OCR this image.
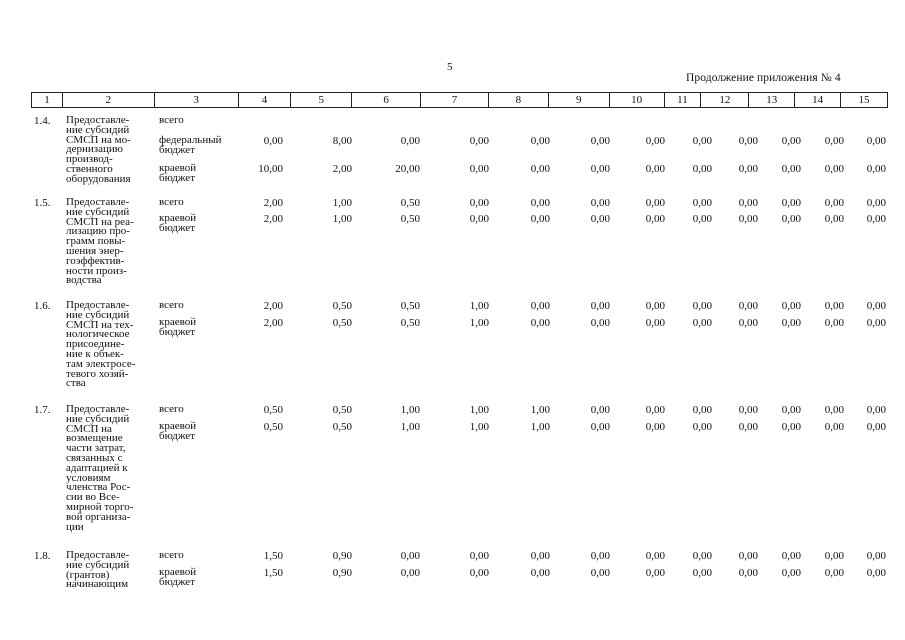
5
Продолжение приложения № 4
1	2	3	4	5	6	7	8	9	10	11	12	13	14	15
1.4. Предоставле-
ние субсидий
СМСП на мо-
дернизацию
производ-
ственного
оборудования
всего
федеральный
бюджет
0,00	8,00	0,00	0,00	0,00	0,00	0,00	0,00 0,00 0,00 0,00 0,00
краевой
бюджет
10,00	2,00	20,00	0,00	0,00	0,00	0,00	0,00 0,00 0,00 0,00 0,00
1.5. Предоставле-
ние субсидий
СМСП на реа-
лизацию про-
грамм повы-
шения энер-
гоэффектив-
ности произ-
водства
всего	2,00	1,00	0,50	0,00	0,00	0,00	0,00	0,00 0,00 0,00 0,00 0,00
краевой
бюджет
2,00	1,00	0,50	0,00	0,00	0,00	0,00	0,00 0,00 0,00 0,00 0,00
1.6. Предоставле-
ние субсидий
СМСП на тех-
нологическое
присоедине-
ние к объек-
там электросе-
тевого хозяй-
ства
всего	2,00	0,50	0,50	1,00	0,00	0,00	0,00	0,00 0,00 0,00 0,00 0,00
краевой
бюджет
2,00	0,50	0,50	1,00	0,00	0,00	0,00	0,00 0,00 0,00 0,00 0,00
1.7. Предоставле-
ние субсидий
СМСП на
возмещение
части затрат,
связанных с
адаптацией к
условиям
членства Рос-
сии во Все-
мирной торго-
вой организа-
ции
всего	0,50	0,50	1,00	1,00	1,00	0,00	0,00	0,00 0,00 0,00 0,00 0,00
краевой
бюджет
0,50	0,50	1,00	1,00	1,00	0,00	0,00	0,00 0,00 0,00 0,00 0,00
1.8. Предоставле-
ние субсидий
(грантов)
начинающим
всего	1,50	0,90	0,00	0,00	0,00	0,00	0,00	0,00 0,00 0,00 0,00 0,00
краевой
бюджет
1,50	0,90	0,00	0,00	0,00	0,00	0,00	0,00 0,00 0,00 0,00 0,00
